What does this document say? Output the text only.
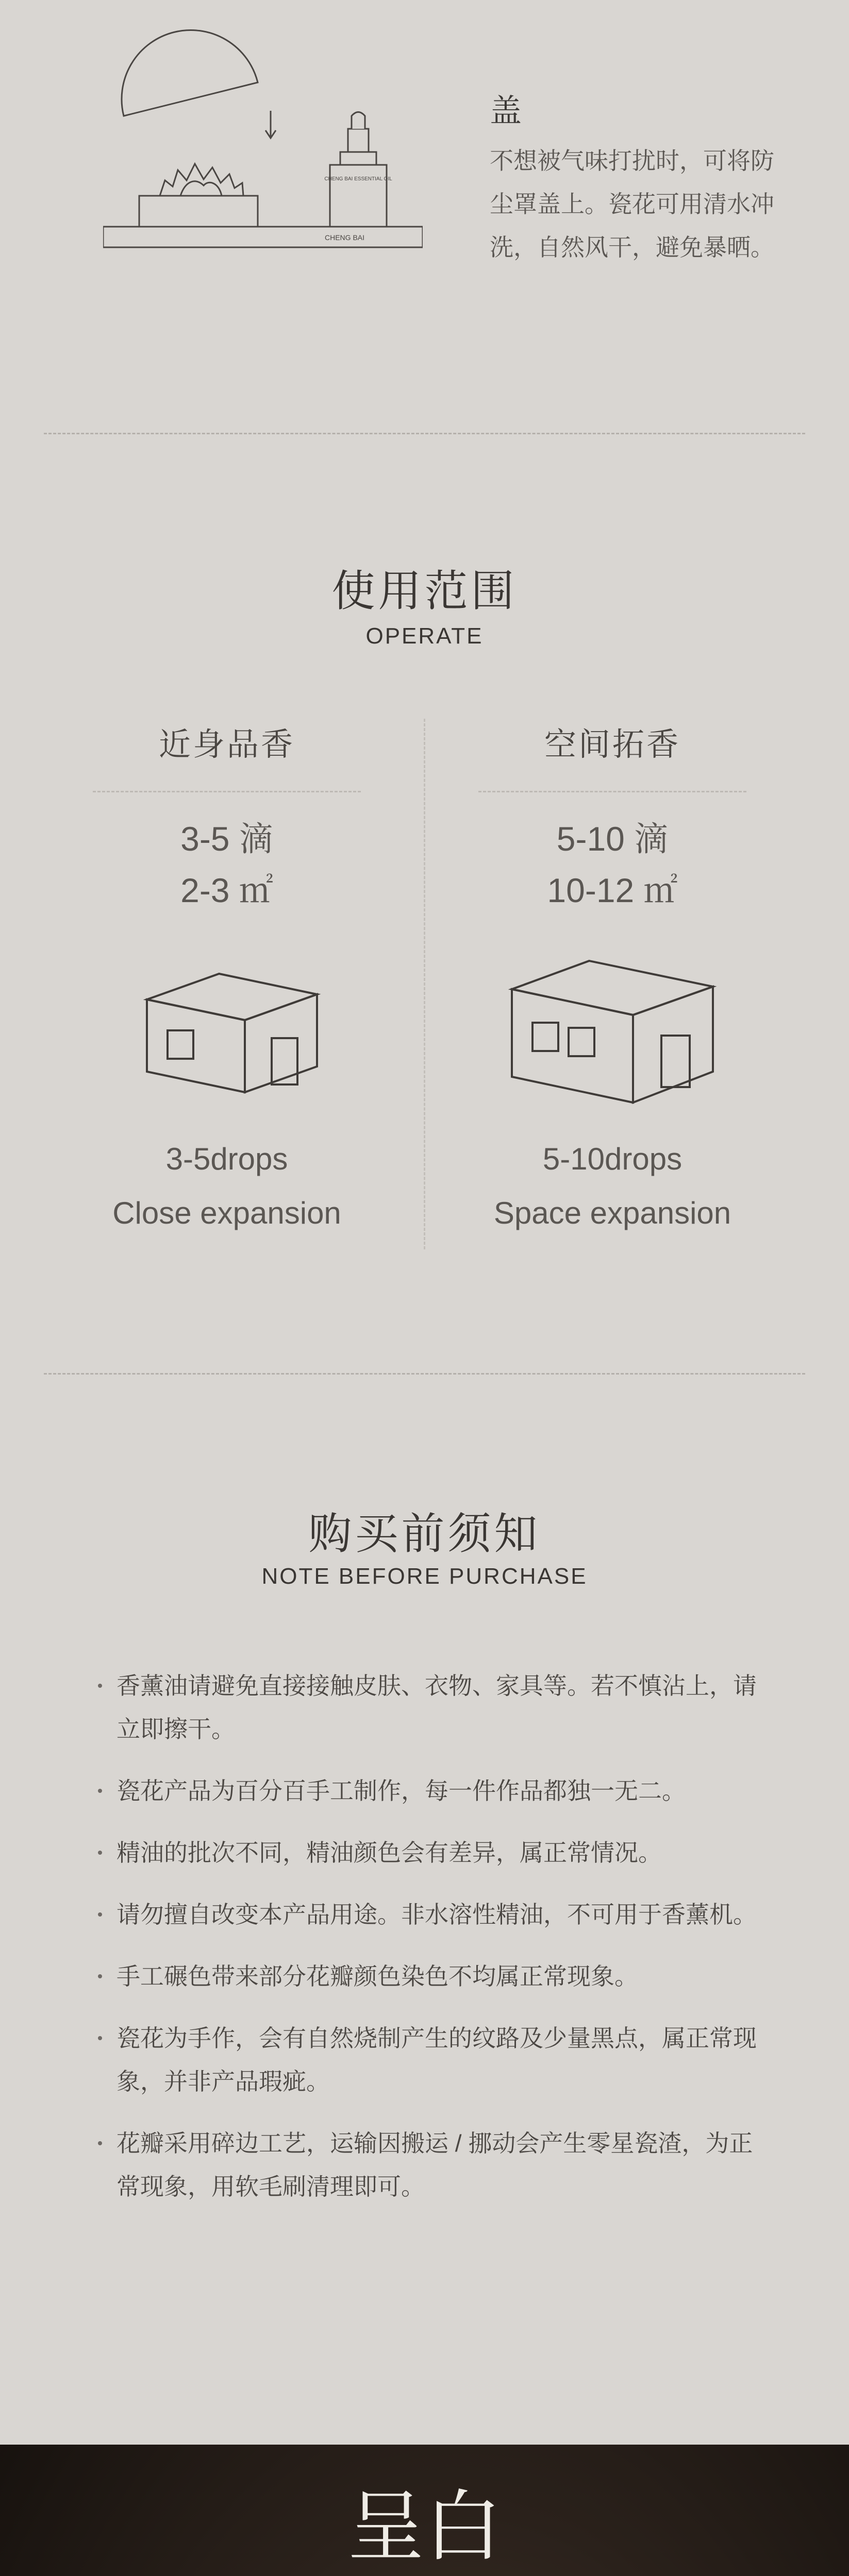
CHENG BAI ESSENTIAL OIL
CHENG BAI
盖
不想被气味打扰时，可将防尘罩盖上。瓷花可用清水冲洗，自然风干，避免暴晒。
使用范围
OPERATE
近身品香
3-5 滴
2-3 ㎡
3-5drops
Close expansion
空间拓香
5-10 滴
10-12 ㎡
5-10drops
Space expansion
购买前须知
NOTE BEFORE PURCHASE
香薰油请避免直接接触皮肤、衣物、家具等。若不慎沾上，请立即擦干。
瓷花产品为百分百手工制作，每一件作品都独一无二。
精油的批次不同，精油颜色会有差异，属正常情况。
请勿擅自改变本产品用途。非水溶性精油，不可用于香薰机。
手工碾色带来部分花瓣颜色染色不均属正常现象。
瓷花为手作，会有自然烧制产生的纹路及少量黑点，属正常现象，并非产品瑕疵。
花瓣采用碎边工艺，运输因搬运 / 挪动会产生零星瓷渣，为正常现象，用软毛刷清理即可。
呈白
